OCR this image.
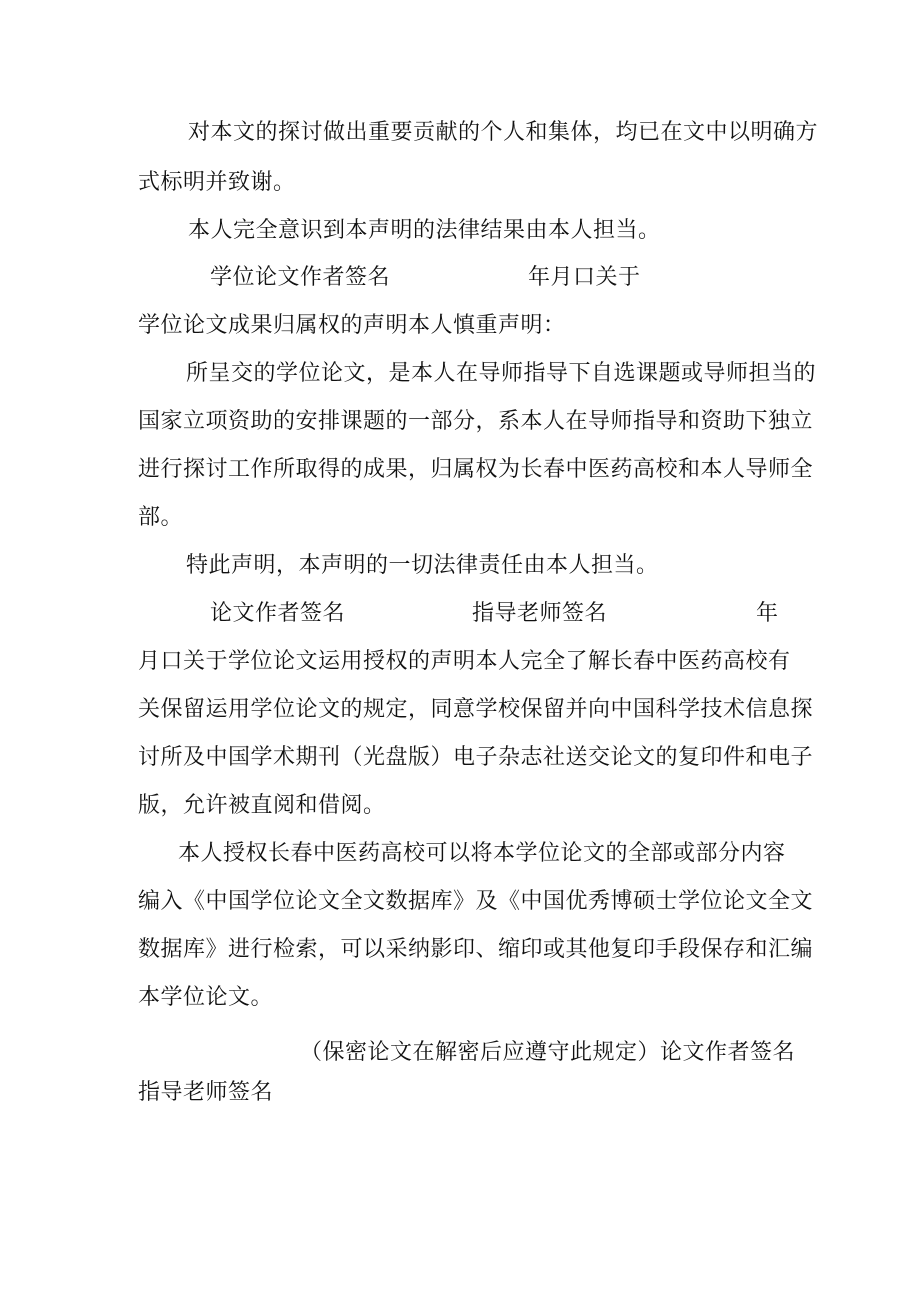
对本文的探讨做出重要贡献的个人和集体，均已在文中以明确方
式标明并致谢。
本人完全意识到本声明的法律结果由本人担当。
学位论文作者签名	年月口关于
学位论文成果归属权的声明本人慎重声明：
所呈交的学位论文，是本人在导师指导下自选课题或导师担当的
国家立项资助的安排课题的一部分，系本人在导师指导和资助下独立
进行探讨工作所取得的成果，归属权为长春中医药高校和本人导师全
部。
特此声明，本声明的一切法律责任由本人担当。
论文作者签名	指导老师签名	年
月口关于学位论文运用授权的声明本人完全了解长春中医药高校有
关保留运用学位论文的规定，同意学校保留并向中国科学技术信息探
讨所及中国学术期刊（光盘版）电子杂志社送交论文的复印件和电子
版，允许被直阅和借阅。
本人授权长春中医药高校可以将本学位论文的全部或部分内容
编入《中国学位论文全文数据库》及《中国优秀博硕士学位论文全文
数据库》进行检索，可以采纳影印、缩印或其他复印手段保存和汇编
本学位论文。
（保密论文在解密后应遵守此规定）论文作者签名
指导老师签名
